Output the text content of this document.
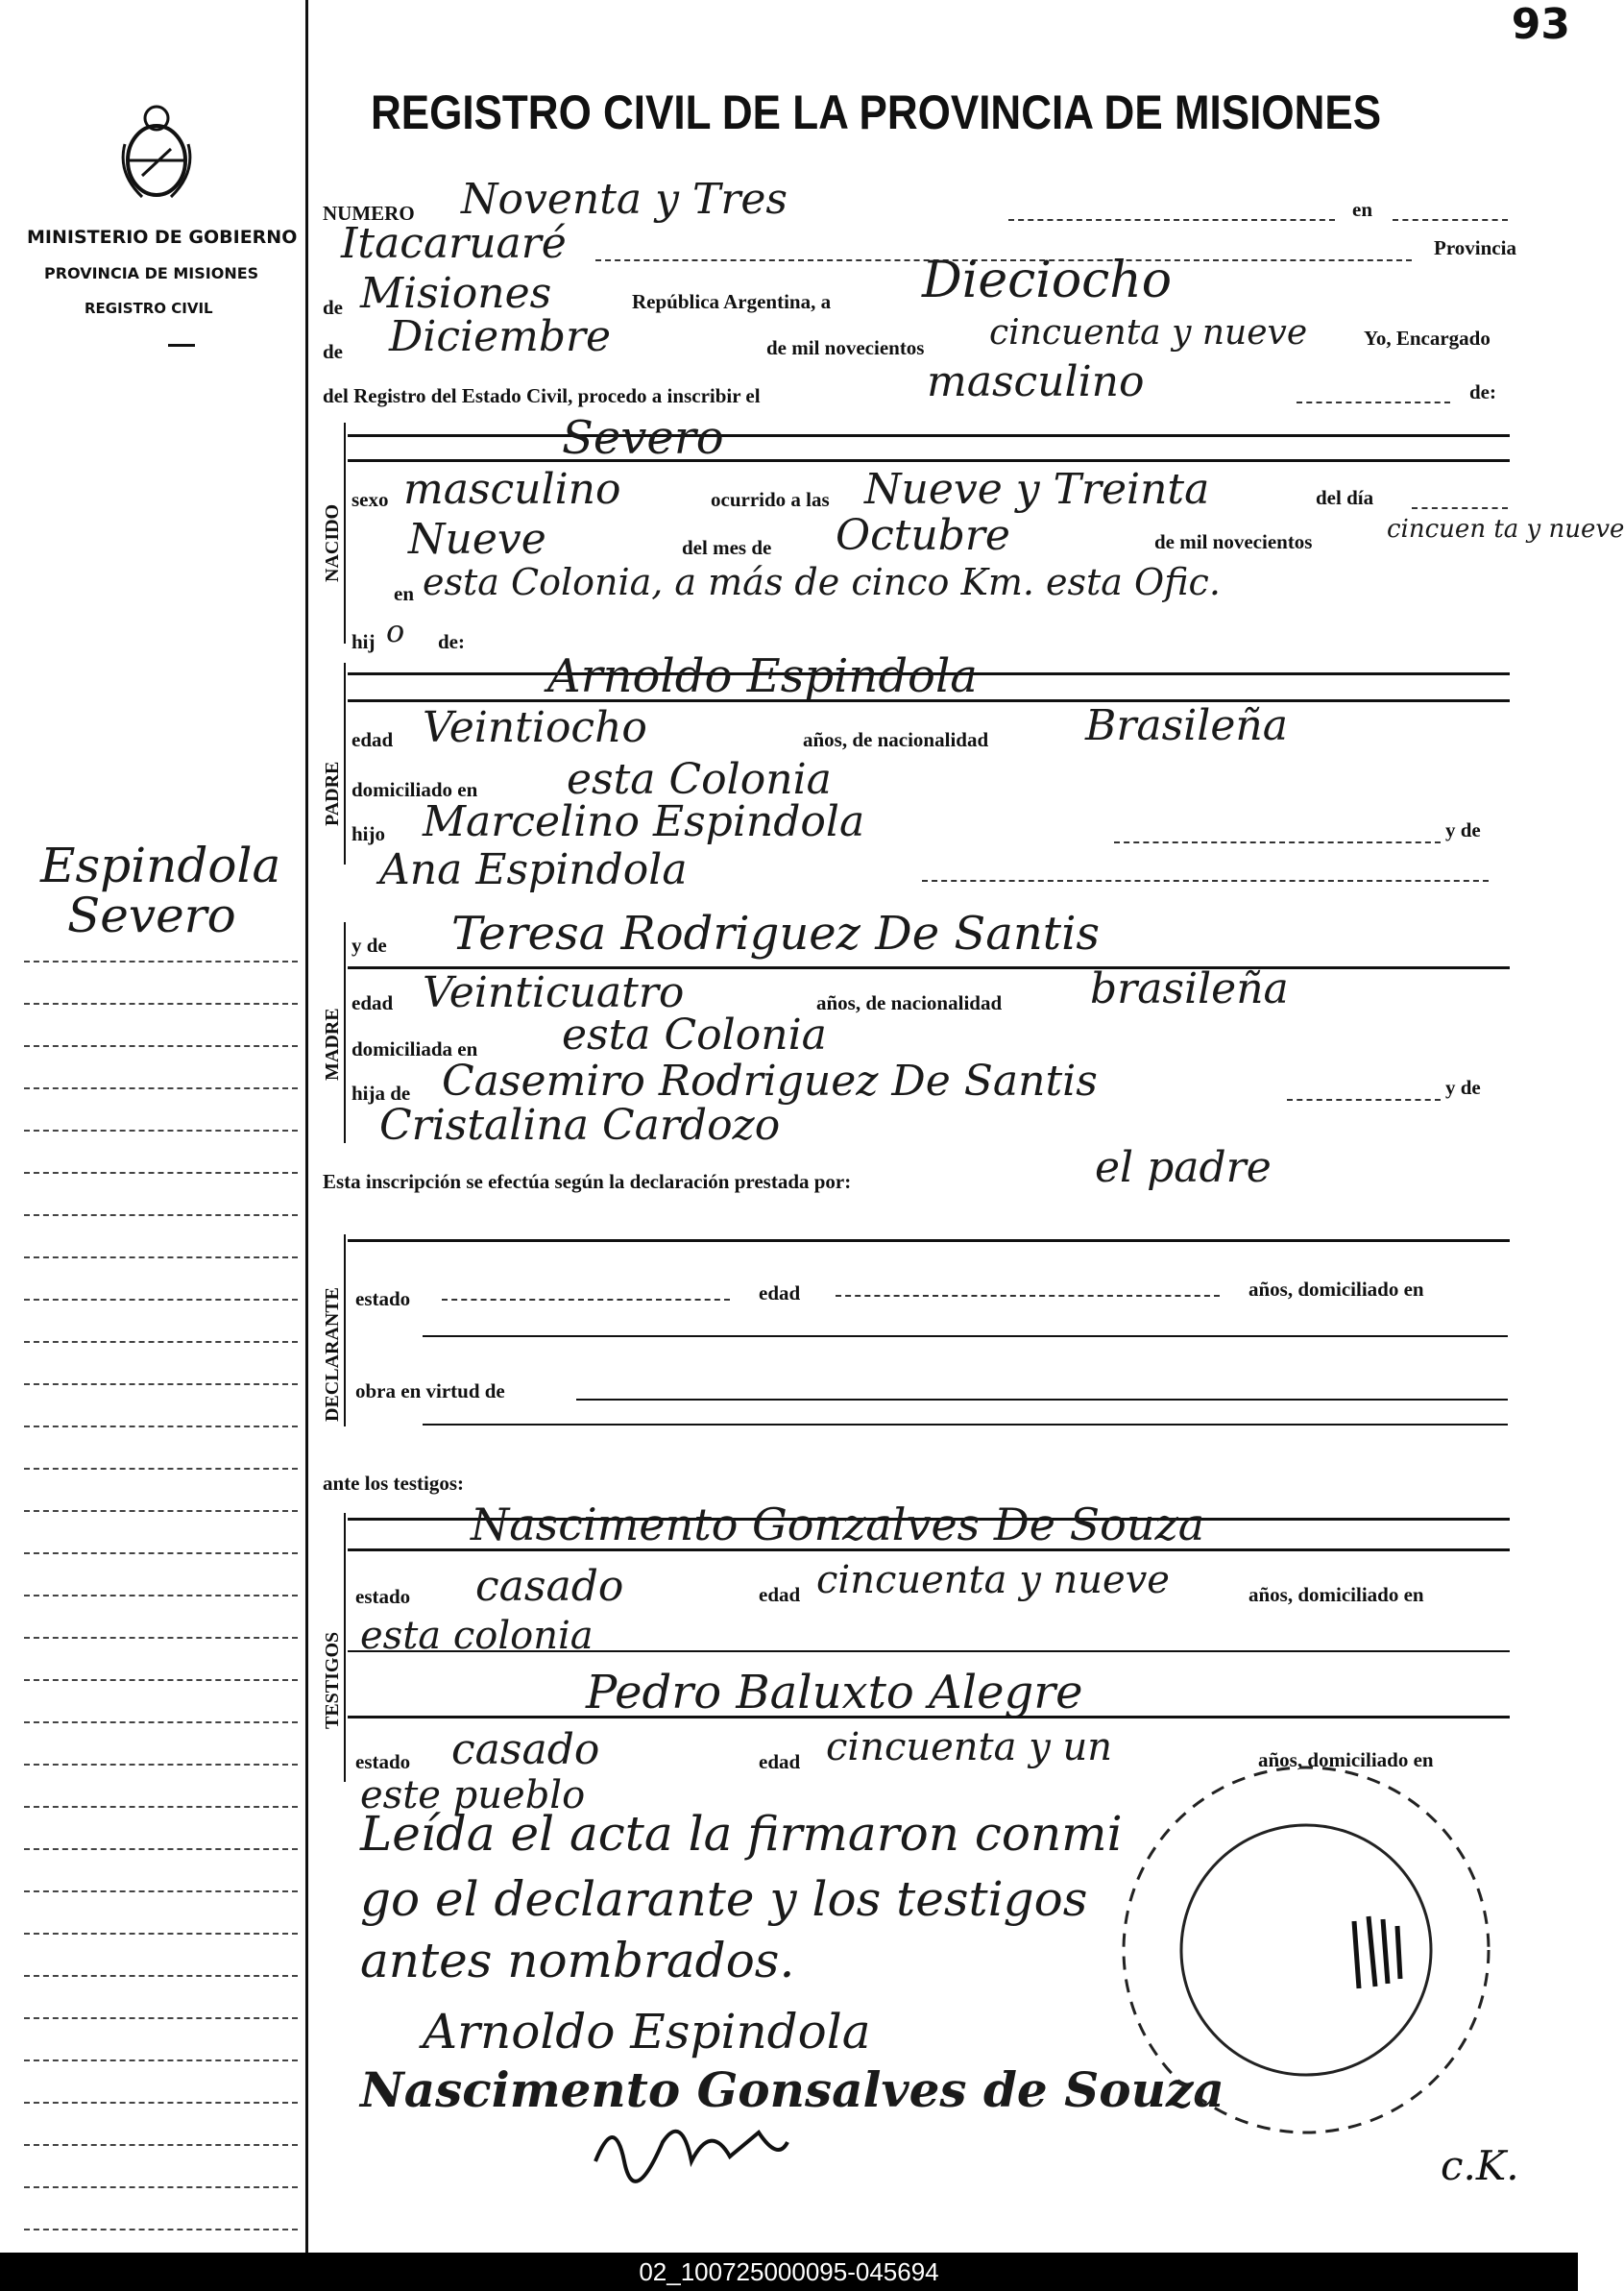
93
MINISTERIO DE GOBIERNO
PROVINCIA DE MISIONES
REGISTRO CIVIL
REGISTRO CIVIL DE LA PROVINCIA DE MISIONES
Espindola
Severo
NUMERO Noventa y Tres	en
Itacaruaré	Provincia
de Misiones	República Argentina, a Dieciocho
de Diciembre	de mil novecientos cincuenta y nueve	Yo, Encargado
del Registro del Estado Civil, procedo a inscribir el	masculino	de:
NACIDO
Severo
sexo masculino	ocurrido a las Nueve y Treinta	del día
Nueve	del mes de Octubre	de mil novecientos	cincuen ta y nueve
en esta Colonia, a más de cinco Km. esta Ofic.
hij o de:
PADRE
Arnoldo Espindola
edad Veintiocho	años, de nacionalidad Brasileña
domiciliado en esta Colonia
hijo Marcelino Espindola	y de
Ana Espindola
MADRE
y de Teresa Rodriguez De Santis
edad Veinticuatro	años, de nacionalidad brasileña
domiciliada en esta Colonia
hija de Casemiro Rodriguez De Santis	y de
Cristalina Cardozo
Esta inscripción se efectúa según la declaración prestada por:	el padre
DECLARANTE estado	edad	años, domiciliado en
obra en virtud de
ante los testigos:
TESTIGOS
Nascimento Gonzalves De Souza
estado casado	edad cincuenta y nueve	años, domiciliado en
esta colonia
Pedro Baluxto Alegre
estado casado	edad cincuenta y un	años, domiciliado en
este pueblo
Leída el acta la firmaron conmi
go el declarante y los testigos
antes nombrados.
Arnoldo Espindola
Nascimento Gonsalves de Souza
c.K.
02_100725000095-045694
